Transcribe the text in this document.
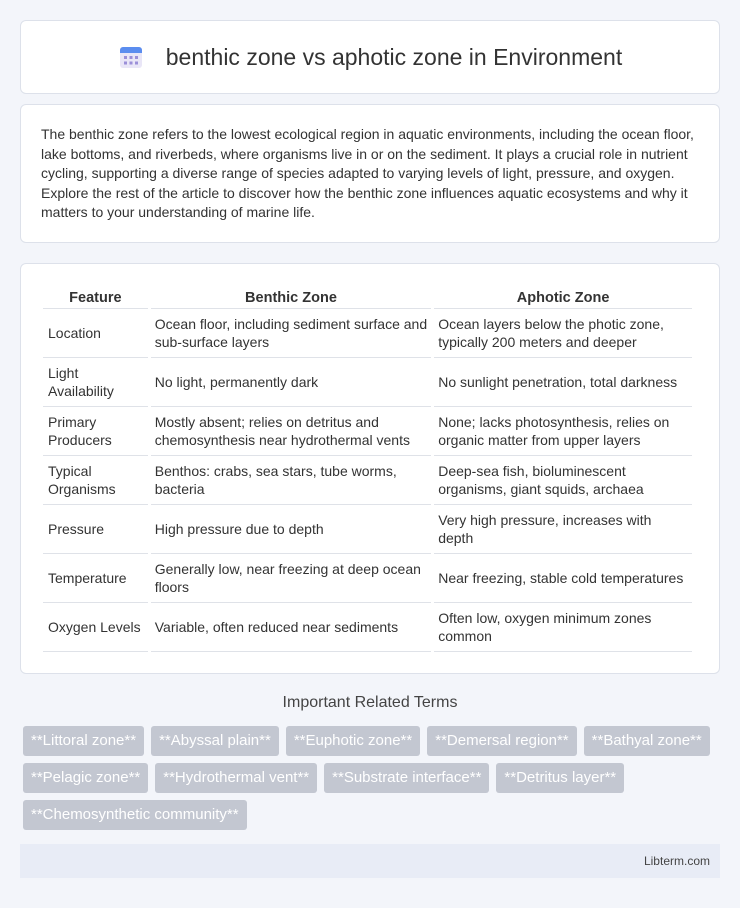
benthic zone vs aphotic zone in Environment

The benthic zone refers to the lowest ecological region in aquatic environments, including the ocean floor, lake bottoms, and riverbeds, where organisms live in or on the sediment. It plays a crucial role in nutrient cycling, supporting a diverse range of species adapted to varying levels of light, pressure, and oxygen. Explore the rest of the article to discover how the benthic zone influences aquatic ecosystems and why it matters to your understanding of marine life.

Feature	Benthic Zone	Aphotic Zone
Location	Ocean floor, including sediment surface and sub-surface layers	Ocean layers below the photic zone, typically 200 meters and deeper
Light Availability	No light, permanently dark	No sunlight penetration, total darkness
Primary Producers	Mostly absent; relies on detritus and chemosynthesis near hydrothermal vents	None; lacks photosynthesis, relies on organic matter from upper layers
Typical Organisms	Benthos: crabs, sea stars, tube worms, bacteria	Deep-sea fish, bioluminescent organisms, giant squids, archaea
Pressure	High pressure due to depth	Very high pressure, increases with depth
Temperature	Generally low, near freezing at deep ocean floors	Near freezing, stable cold temperatures
Oxygen Levels	Variable, often reduced near sediments	Often low, oxygen minimum zones common
Important Related Terms
**Littoral zone**	**Abyssal plain**	**Euphotic zone**	**Demersal region**	**Bathyal zone**
**Pelagic zone**	**Hydrothermal vent**	**Substrate interface**	**Detritus layer**
**Chemosynthetic community**
Libterm.com
